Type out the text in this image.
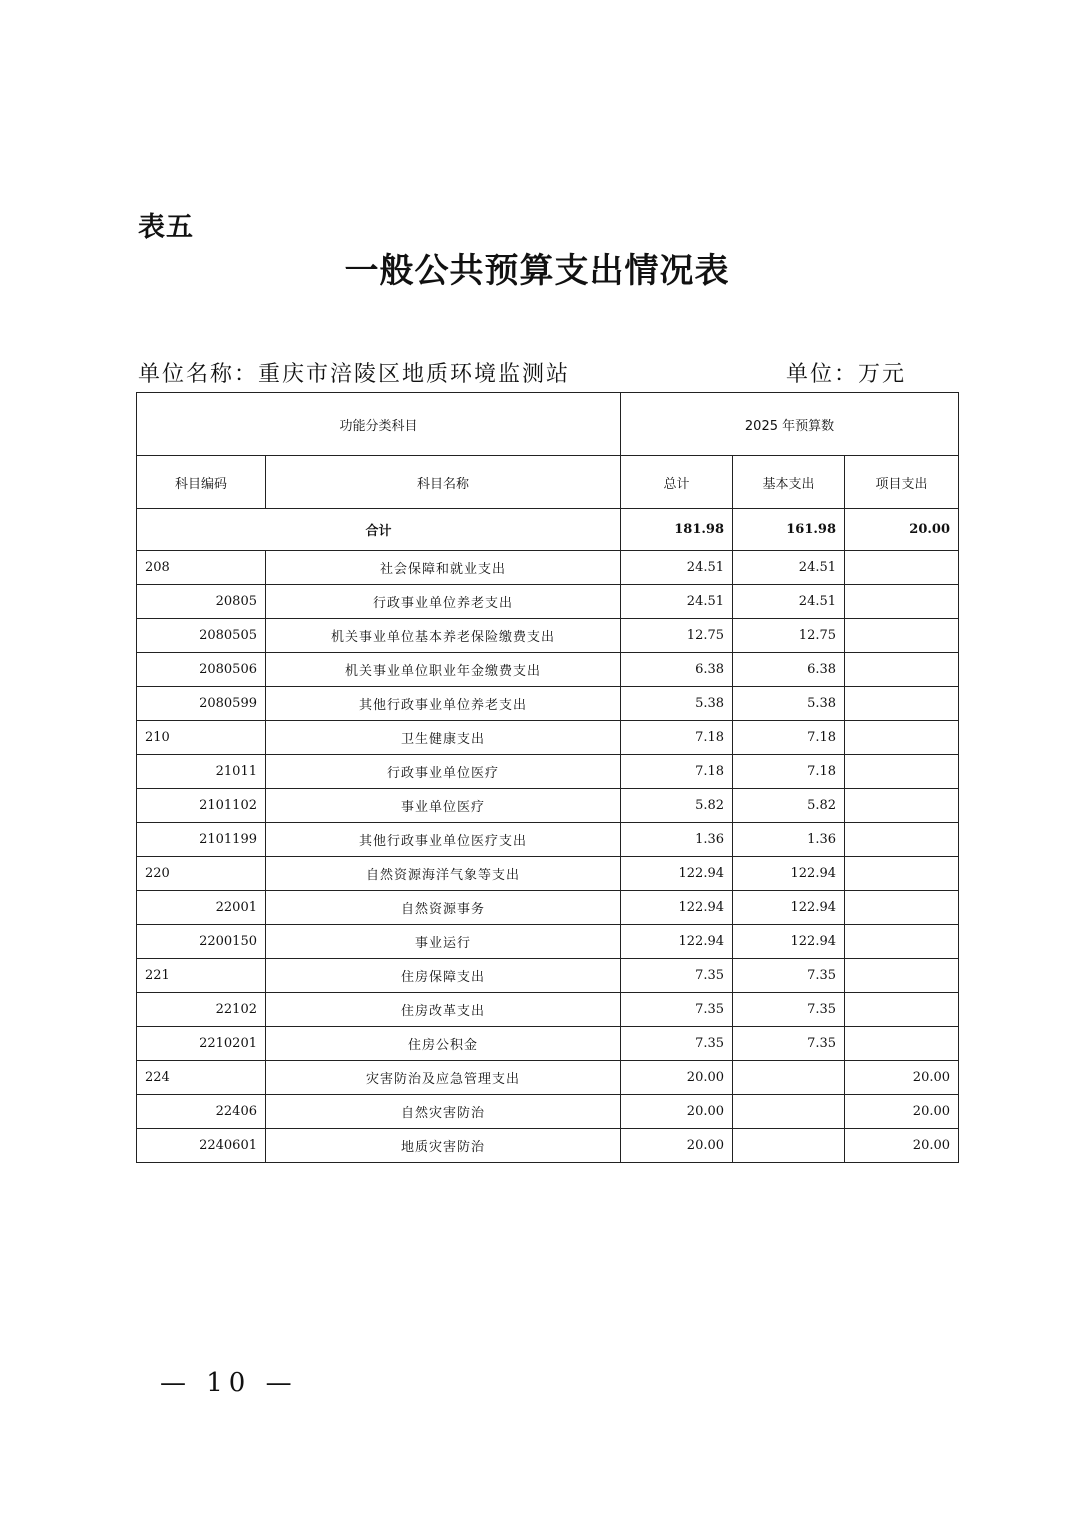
表五
一般公共预算支出情况表
单位名称：重庆市涪陵区地质环境监测站	单位：万元
功能分类科目		2025 年预算数		
科目编码	科目名称	总计	基本支出	项目支出
合计		181.98	161.98	20.00
208	社会保障和就业支出	24.51	24.51	
20805	行政事业单位养老支出	24.51	24.51	
2080505	机关事业单位基本养老保险缴费支出	12.75	12.75	
2080506	机关事业单位职业年金缴费支出	6.38	6.38	
2080599	其他行政事业单位养老支出	5.38	5.38	
210	卫生健康支出	7.18	7.18	
21011	行政事业单位医疗	7.18	7.18	
2101102	事业单位医疗	5.82	5.82	
2101199	其他行政事业单位医疗支出	1.36	1.36	
220	自然资源海洋气象等支出	122.94	122.94	
22001	自然资源事务	122.94	122.94	
2200150	事业运行	122.94	122.94	
221	住房保障支出	7.35	7.35	
22102	住房改革支出	7.35	7.35	
2210201	住房公积金	7.35	7.35	
224	灾害防治及应急管理支出	20.00		20.00
22406	自然灾害防治	20.00		20.00
2240601	地质灾害防治	20.00		20.00
— 10 —
